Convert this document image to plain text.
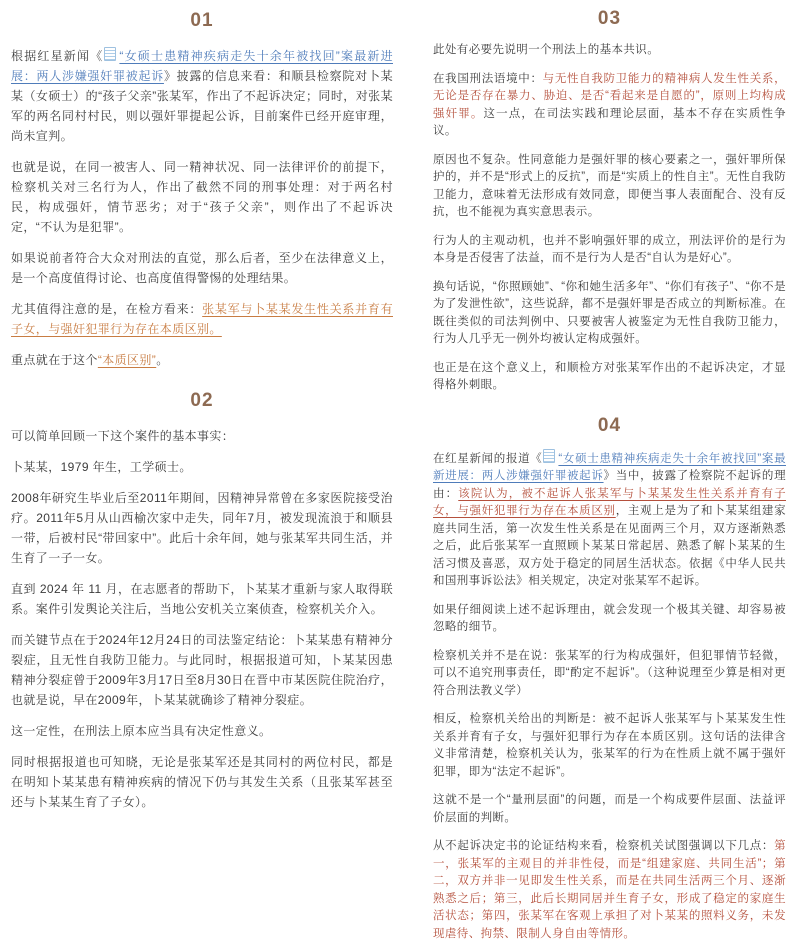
01

根据红星新闻《 “女硕士患精神疾病走失十余年被找回”案最新进展：两人涉嫌强奸罪被起诉》披露的信息来看：和顺县检察院对卜某某（女硕士）的“孩子父亲”张某军，作出了不起诉决定；同时，对张某军的两名同村村民，则以强奸罪提起公诉，目前案件已经开庭审理，尚未宣判。

也就是说，在同一被害人、同一精神状况、同一法律评价的前提下，检察机关对三名行为人，作出了截然不同的刑事处理：对于两名村民，构成强奸，情节恶劣；对于“孩子父亲”，则作出了不起诉决定，“不认为是犯罪”。

如果说前者符合大众对刑法的直觉，那么后者，至少在法律意义上，是一个高度值得讨论、也高度值得警惕的处理结果。

尤其值得注意的是，在检方看来：张某军与卜某某发生性关系并育有子女，与强奸犯罪行为存在本质区别。

重点就在于这个“本质区别”。

02

可以简单回顾一下这个案件的基本事实：

卜某某，1979 年生，工学硕士。

2008年研究生毕业后至2011年期间，因精神异常曾在多家医院接受治疗。2011年5月从山西榆次家中走失，同年7月，被发现流浪于和顺县一带，后被村民“带回家中”。此后十余年间，她与张某军共同生活，并生育了一子一女。

直到 2024 年 11 月，在志愿者的帮助下，卜某某才重新与家人取得联系。案件引发舆论关注后，当地公安机关立案侦查，检察机关介入。

而关键节点在于2024年12月24日的司法鉴定结论：卜某某患有精神分裂症，且无性自我防卫能力。与此同时，根据报道可知，卜某某因患精神分裂症曾于2009年3月17日至8月30日在晋中市某医院住院治疗，也就是说，早在2009年，卜某某就确诊了精神分裂症。

这一定性，在刑法上原本应当具有决定性意义。

同时根据报道也可知晓，无论是张某军还是其同村的两位村民，都是在明知卜某某患有精神疾病的情况下仍与其发生关系（且张某军甚至还与卜某某生育了子女）。

03

此处有必要先说明一个刑法上的基本共识。

在我国刑法语境中：与无性自我防卫能力的精神病人发生性关系，无论是否存在暴力、胁迫、是否“看起来是自愿的”，原则上均构成强奸罪。这一点，在司法实践和理论层面，基本不存在实质性争议。

原因也不复杂。性同意能力是强奸罪的核心要素之一，强奸罪所保护的，并不是“形式上的反抗”，而是“实质上的性自主”。无性自我防卫能力，意味着无法形成有效同意，即便当事人表面配合、没有反抗，也不能视为真实意思表示。

行为人的主观动机，也并不影响强奸罪的成立，刑法评价的是行为本身是否侵害了法益，而不是行为人是否“自认为是好心”。

换句话说，“你照顾她”、“你和她生活多年”、“你们有孩子”、“你不是为了发泄性欲”，这些说辞，都不是强奸罪是否成立的判断标准。在既往类似的司法判例中、只要被害人被鉴定为无性自我防卫能力，行为人几乎无一例外均被认定构成强奸。

也正是在这个意义上，和顺检方对张某军作出的不起诉决定，才显得格外刺眼。

04

在红星新闻的报道《 “女硕士患精神疾病走失十余年被找回”案最新进展：两人涉嫌强奸罪被起诉》当中，披露了检察院不起诉的理由：该院认为，被不起诉人张某军与卜某某发生性关系并育有子女，与强奸犯罪行为存在本质区别，主观上是为了和卜某某组建家庭共同生活，第一次发生性关系是在见面两三个月，双方逐渐熟悉之后，此后张某军一直照顾卜某某日常起居、熟悉了解卜某某的生活习惯及喜恶，双方处于稳定的同居生活状态。依据《中华人民共和国刑事诉讼法》相关规定，决定对张某军不起诉。

如果仔细阅读上述不起诉理由，就会发现一个极其关键、却容易被忽略的细节。

检察机关并不是在说：张某军的行为构成强奸，但犯罪情节轻微，可以不追究刑事责任，即“酌定不起诉”。（这种说理至少算是相对更符合刑法教义学）

相反，检察机关给出的判断是：被不起诉人张某军与卜某某发生性关系并育有子女，与强奸犯罪行为存在本质区别。这句话的法律含义非常清楚，检察机关认为，张某军的行为在性质上就不属于强奸犯罪，即为“法定不起诉”。

这就不是一个“量刑层面”的问题，而是一个构成要件层面、法益评价层面的判断。

从不起诉决定书的论证结构来看，检察机关试图强调以下几点：第一，张某军的主观目的并非性侵，而是“组建家庭、共同生活”；第二，双方并非一见即发生性关系，而是在共同生活两三个月、逐渐熟悉之后；第三，此后长期同居并生育子女，形成了稳定的家庭生活状态；第四，张某军在客观上承担了对卜某某的照料义务，未发现虐待、拘禁、限制人身自由等情形。
